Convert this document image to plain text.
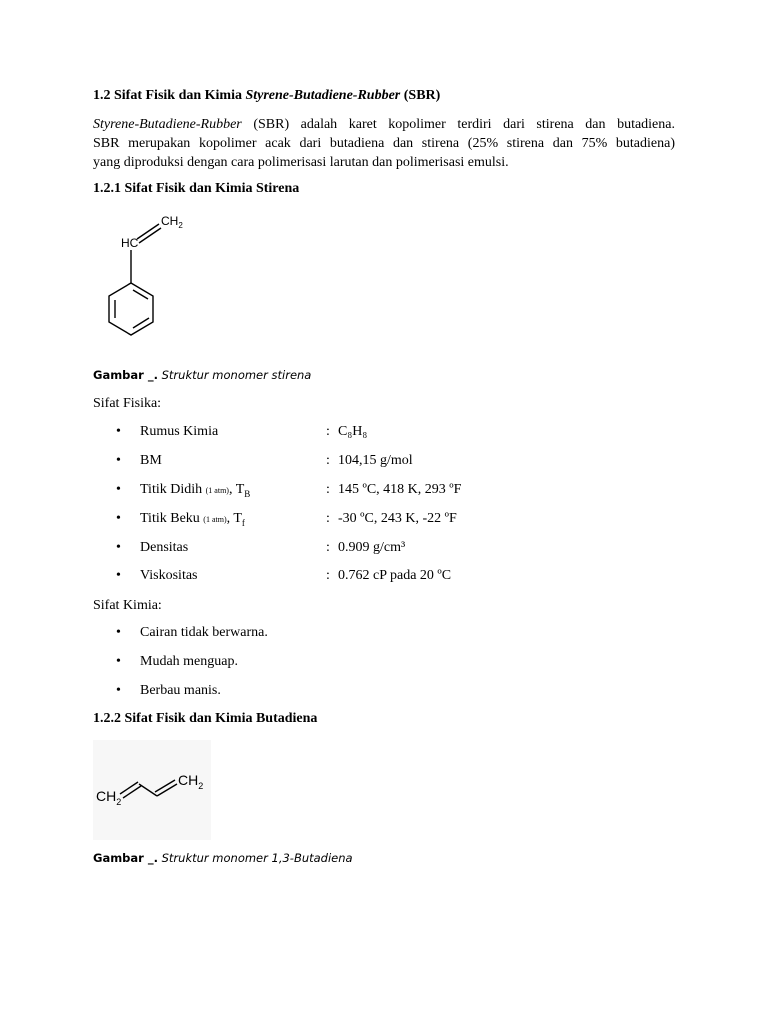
1.2 Sifat Fisik dan Kimia Styrene-Butadiene-Rubber (SBR)
Styrene-Butadiene-Rubber (SBR) adalah karet kopolimer terdiri dari stirena dan butadiena.
SBR merupakan kopolimer acak dari butadiena dan stirena (25% stirena dan 75% butadiena)
yang diproduksi dengan cara polimerisasi larutan dan polimerisasi emulsi.
1.2.1 Sifat Fisik dan Kimia Stirena
HC
$CH_2$
Gambar _. Struktur monomer stirena
Sifat Fisika:
• Rumus Kimia	: C₈H₈
• BM	: 104,15 g/mol
• Titik Didih (1 atm), $T_B$	: 145 ºC, 418 K, 293 ºF
• Titik Beku (1 atm), $T_f$	: -30 ºC, 243 K, -22 ºF
• Densitas	: 0.909 g/cm³
• Viskositas	: 0.762 cP pada 20 ºC
Sifat Kimia:
• Cairan tidak berwarna.
• Mudah menguap.
• Berbau manis.
1.2.2 Sifat Fisik dan Kimia Butadiena
$CH_2$
$CH_2$
Gambar _. Struktur monomer 1,3-Butadiena
